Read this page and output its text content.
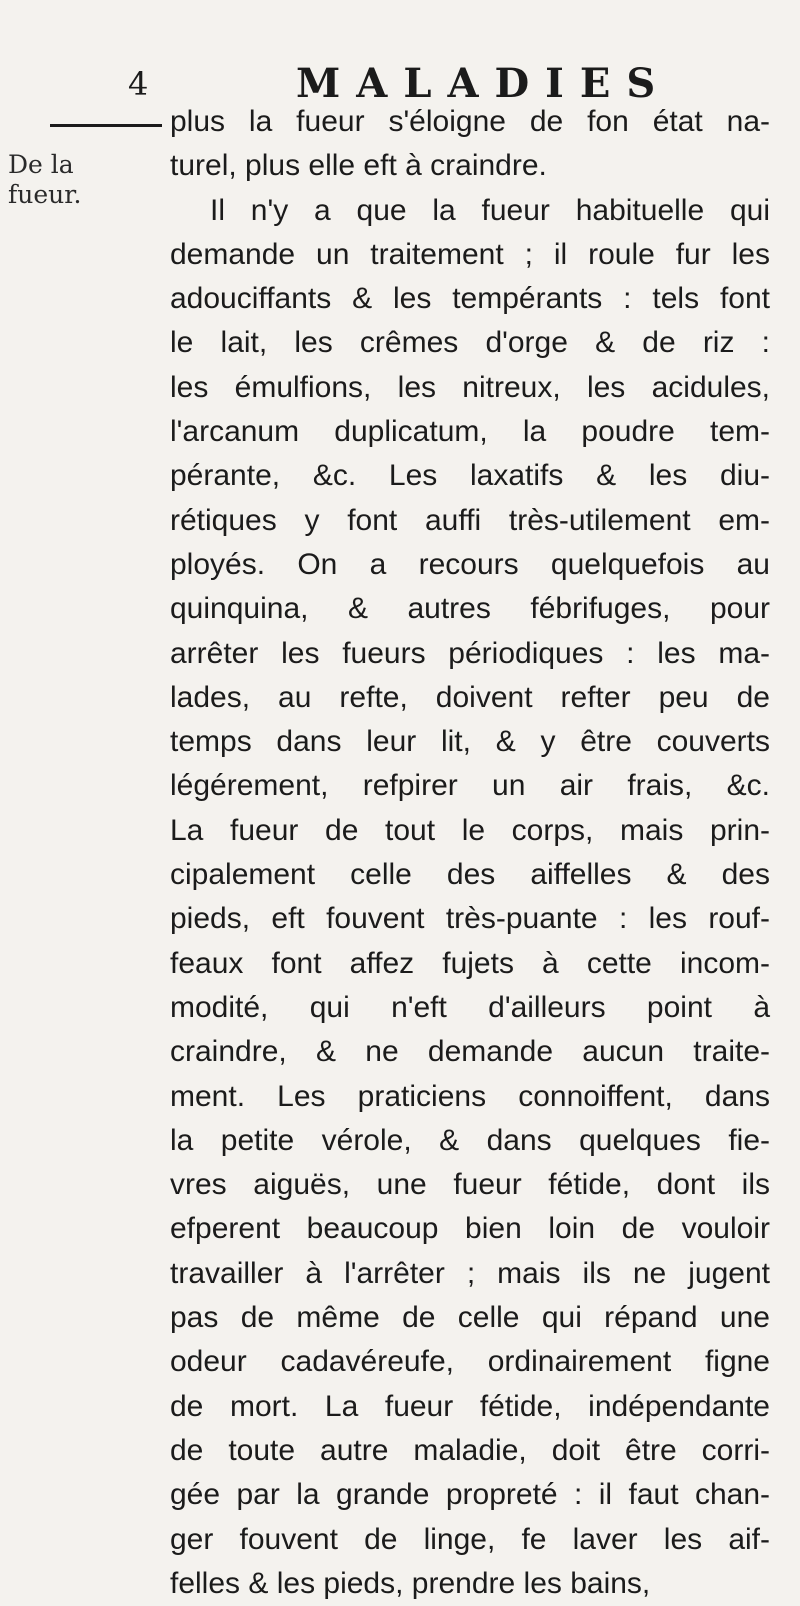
4	MALADIES
De la
fueur.
plus la fueur s'éloigne de fon état na-
turel, plus elle eft à craindre.
Il n'y a que la fueur habituelle qui
demande un traitement ; il roule fur les
adouciffants & les tempérants : tels font
le lait, les crêmes d'orge & de riz :
les émulfions, les nitreux, les acidules,
l'arcanum duplicatum, la poudre tem-
pérante, &c. Les laxatifs & les diu-
rétiques y font auffi très-utilement em-
ployés. On a recours quelquefois au
quinquina, & autres fébrifuges, pour
arrêter les fueurs périodiques : les ma-
lades, au refte, doivent refter peu de
temps dans leur lit, & y être couverts
légérement, refpirer un air frais, &c.
La fueur de tout le corps, mais prin-
cipalement celle des aiffelles & des
pieds, eft fouvent très-puante : les rouf-
feaux font affez fujets à cette incom-
modité, qui n'eft d'ailleurs point à
craindre, & ne demande aucun traite-
ment. Les praticiens connoiffent, dans
la petite vérole, & dans quelques fie-
vres aiguës, une fueur fétide, dont ils
efperent beaucoup bien loin de vouloir
travailler à l'arrêter ; mais ils ne jugent
pas de même de celle qui répand une
odeur cadavéreufe, ordinairement figne
de mort. La fueur fétide, indépendante
de toute autre maladie, doit être corri-
gée par la grande propreté : il faut chan-
ger fouvent de linge, fe laver les aif-
felles & les pieds, prendre les bains,
